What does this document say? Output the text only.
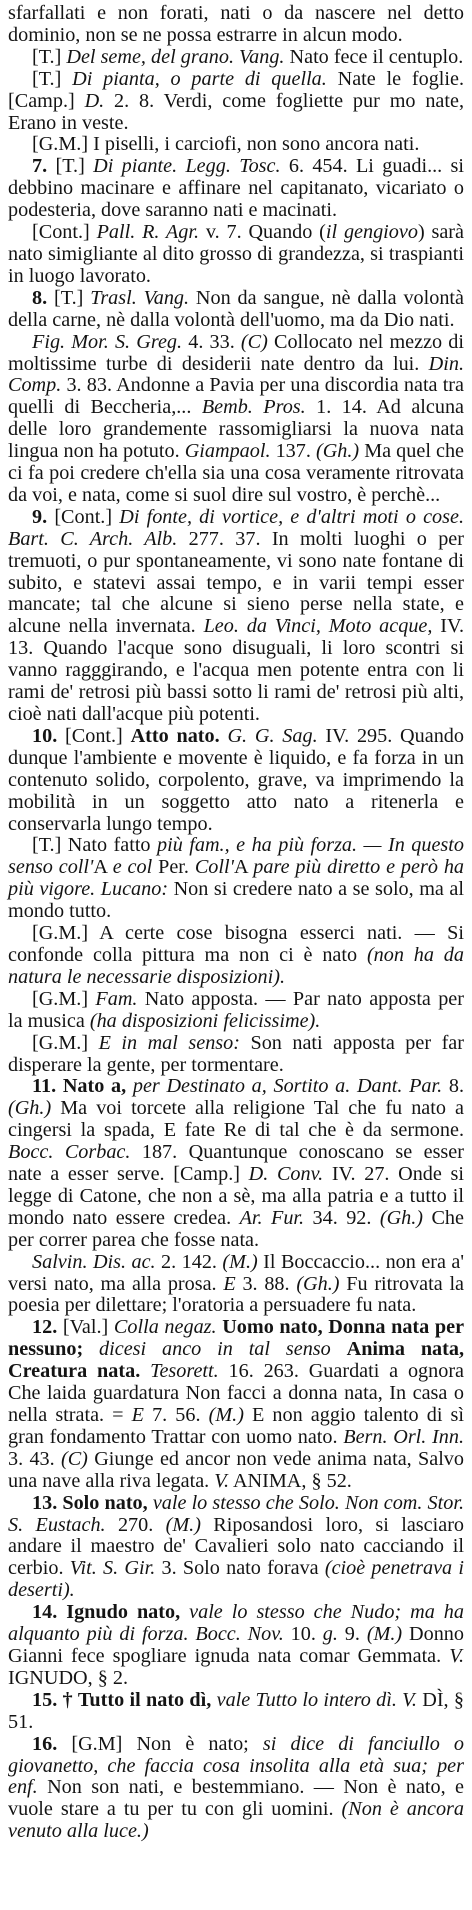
sfarfallati e non forati, nati o da nascere nel detto dominio, non se ne possa estrarre in alcun modo.

[T.] Del seme, del grano. Vang. Nato fece il centuplo.

[T.] Di pianta, o parte di quella. Nate le foglie. [Camp.] D. 2. 8. Verdi, come fogliette pur mo nate, Erano in veste.

[G.M.] I piselli, i carciofi, non sono ancora nati.

7. [T.] Di piante. Legg. Tosc. 6. 454. Li guadi... si debbino macinare e affinare nel capitanato, vicariato o podesteria, dove saranno nati e macinati.

[Cont.] Pall. R. Agr. v. 7. Quando (il gengiovo) sarà nato simigliante al dito grosso di grandezza, si traspianti in luogo lavorato.

8. [T.] Trasl. Vang. Non da sangue, nè dalla volontà della carne, nè dalla volontà dell'uomo, ma da Dio nati.

Fig. Mor. S. Greg. 4. 33. (C) Collocato nel mezzo di moltissime turbe di desiderii nate dentro da lui. Din. Comp. 3. 83. Andonne a Pavia per una discordia nata tra quelli di Beccheria,... Bemb. Pros. 1. 14. Ad alcuna delle loro grandemente rassomigliarsi la nuova nata lingua non ha potuto. Giampaol. 137. (Gh.) Ma quel che ci fa poi credere ch'ella sia una cosa veramente ritrovata da voi, e nata, come si suol dire sul vostro, è perchè...

9. [Cont.] Di fonte, di vortice, e d'altri moti o cose. Bart. C. Arch. Alb. 277. 37. In molti luoghi o per tremuoti, o pur spontaneamente, vi sono nate fontane di subito, e statevi assai tempo, e in varii tempi esser mancate; tal che alcune si sieno perse nella state, e alcune nella invernata. Leo. da Vinci, Moto acque, IV. 13. Quando l'acque sono disuguali, li loro scontri si vanno ragggirando, e l'acqua men potente entra con li rami de' retrosi più bassi sotto li rami de' retrosi più alti, cioè nati dall'acque più potenti.

10. [Cont.] Atto nato. G. G. Sag. IV. 295. Quando dunque l'ambiente e movente è liquido, e fa forza in un contenuto solido, corpolento, grave, va imprimendo la mobilità in un soggetto atto nato a ritenerla e conservarla lungo tempo.

[T.] Nato fatto più fam., e ha più forza. — In questo senso coll'A e col Per. Coll'A pare più diretto e però ha più vigore. Lucano: Non si credere nato a se solo, ma al mondo tutto.

[G.M.] A certe cose bisogna esserci nati. — Si confonde colla pittura ma non ci è nato (non ha da natura le necessarie disposizioni).

[G.M.] Fam. Nato apposta. — Par nato apposta per la musica (ha disposizioni felicissime).

[G.M.] E in mal senso: Son nati apposta per far disperare la gente, per tormentare.

11. Nato a, per Destinato a, Sortito a. Dant. Par. 8. (Gh.) Ma voi torcete alla religione Tal che fu nato a cingersi la spada, E fate Re di tal che è da sermone. Bocc. Corbac. 187. Quantunque conoscano se esser nate a esser serve. [Camp.] D. Conv. IV. 27. Onde si legge di Catone, che non a sè, ma alla patria e a tutto il mondo nato essere credea. Ar. Fur. 34. 92. (Gh.) Che per correr parea che fosse nata.

Salvin. Dis. ac. 2. 142. (M.) Il Boccaccio... non era a' versi nato, ma alla prosa. E 3. 88. (Gh.) Fu ritrovata la poesia per dilettare; l'oratoria a persuadere fu nata.

12. [Val.] Colla negaz. Uomo nato, Donna nata per nessuno; dicesi anco in tal senso Anima nata, Creatura nata. Tesorett. 16. 263. Guardati a ognora Che laida guardatura Non facci a donna nata, In casa o nella strata. = E 7. 56. (M.) E non aggio talento di sì gran fondamento Trattar con uomo nato. Bern. Orl. Inn. 3. 43. (C) Giunge ed ancor non vede anima nata, Salvo una nave alla riva legata. V. ANIMA, § 52.

13. Solo nato, vale lo stesso che Solo. Non com. Stor. S. Eustach. 270. (M.) Riposandosi loro, si lasciaro andare il maestro de' Cavalieri solo nato cacciando il cerbio. Vit. S. Gir. 3. Solo nato forava (cioè penetrava i deserti).

14. Ignudo nato, vale lo stesso che Nudo; ma ha alquanto più di forza. Bocc. Nov. 10. g. 9. (M.) Donno Gianni fece spogliare ignuda nata comar Gemmata. V. IGNUDO, § 2.

15. † Tutto il nato dì, vale Tutto lo intero dì. V. DÌ, § 51.

16. [G.M] Non è nato; si dice di fanciullo o giovanetto, che faccia cosa insolita alla età sua; per enf. Non son nati, e bestemmiano. — Non è nato, e vuole stare a tu per tu con gli uomini. (Non è ancora venuto alla luce.)
